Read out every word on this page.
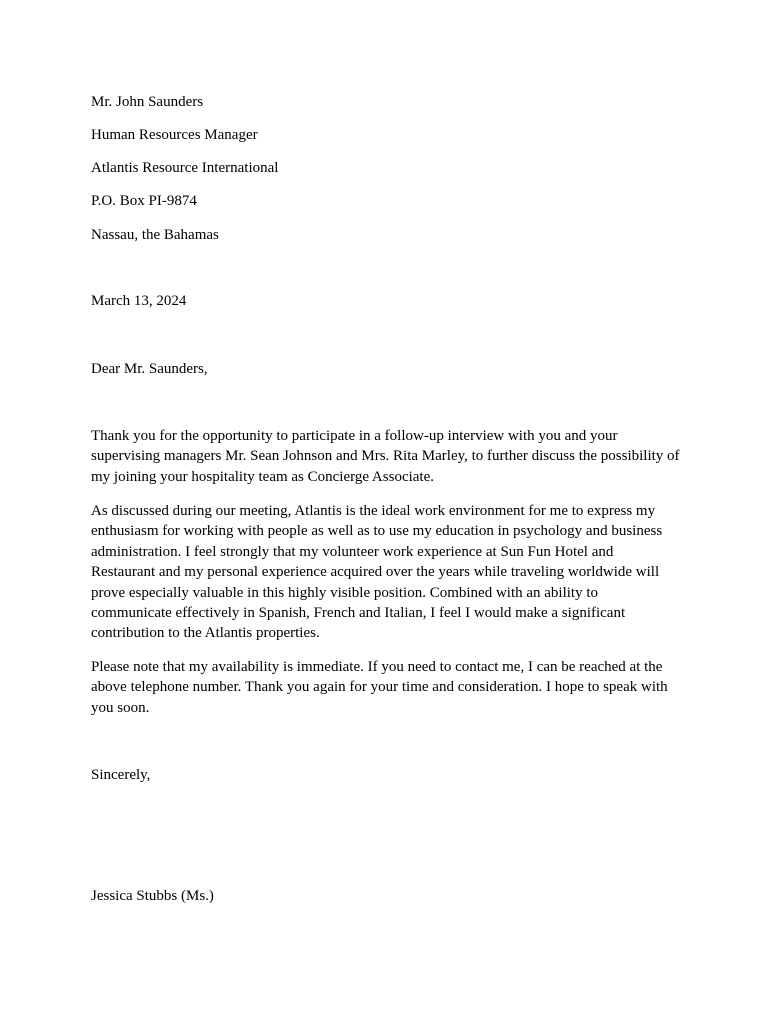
Mr. John Saunders
Human Resources Manager
Atlantis Resource International
P.O. Box PI-9874
Nassau, the Bahamas
March 13, 2024
Dear Mr. Saunders,

Thank you for the opportunity to participate in a follow-up interview with you and your supervising managers Mr. Sean Johnson and Mrs. Rita Marley, to further discuss the possibility of my joining your hospitality team as Concierge Associate.

As discussed during our meeting, Atlantis is the ideal work environment for me to express my enthusiasm for working with people as well as to use my education in psychology and business administration. I feel strongly that my volunteer work experience at Sun Fun Hotel and Restaurant and my personal experience acquired over the years while traveling worldwide will prove especially valuable in this highly visible position. Combined with an ability to communicate effectively in Spanish, French and Italian, I feel I would make a significant contribution to the Atlantis properties.

Please note that my availability is immediate. If you need to contact me, I can be reached at the above telephone number. Thank you again for your time and consideration. I hope to speak with you soon.

Sincerely,
Jessica Stubbs (Ms.)
